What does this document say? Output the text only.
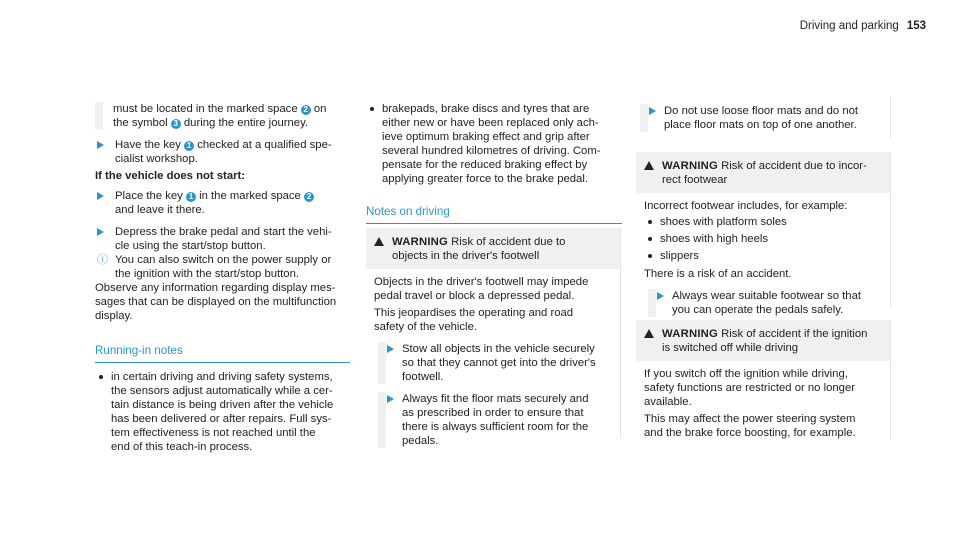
Driving and parking 153
must be located in the marked space 2 on
the symbol 3 during the entire journey.
Have the key 1 checked at a qualified spe-
cialist workshop.
If the vehicle does not start:
Place the key 1 in the marked space 2
and leave it there.
Depress the brake pedal and start the vehi-
cle using the start/stop button.
ⓘ You can also switch on the power supply or
the ignition with the start/stop button.
Observe any information regarding display mes-
sages that can be displayed on the multifunction
display.
Running-in notes
in certain driving and driving safety systems,
the sensors adjust automatically while a cer-
tain distance is being driven after the vehicle
has been delivered or after repairs. Full sys-
tem effectiveness is not reached until the
end of this teach-in process.
brakepads, brake discs and tyres that are
either new or have been replaced only ach-
ieve optimum braking effect and grip after
several hundred kilometres of driving. Com-
pensate for the reduced braking effect by
applying greater force to the brake pedal.
Notes on driving
WARNING Risk of accident due to
objects in the driver's footwell
Objects in the driver's footwell may impede
pedal travel or block a depressed pedal.
This jeopardises the operating and road
safety of the vehicle.
Stow all objects in the vehicle securely
so that they cannot get into the driver's
footwell.
Always fit the floor mats securely and
as prescribed in order to ensure that
there is always sufficient room for the
pedals.
Do not use loose floor mats and do not
place floor mats on top of one another.
WARNING Risk of accident due to incor-
rect footwear
Incorrect footwear includes, for example:
shoes with platform soles
shoes with high heels
slippers
There is a risk of an accident.
Always wear suitable footwear so that
you can operate the pedals safely.
WARNING Risk of accident if the ignition
is switched off while driving
If you switch off the ignition while driving,
safety functions are restricted or no longer
available.
This may affect the power steering system
and the brake force boosting, for example.
